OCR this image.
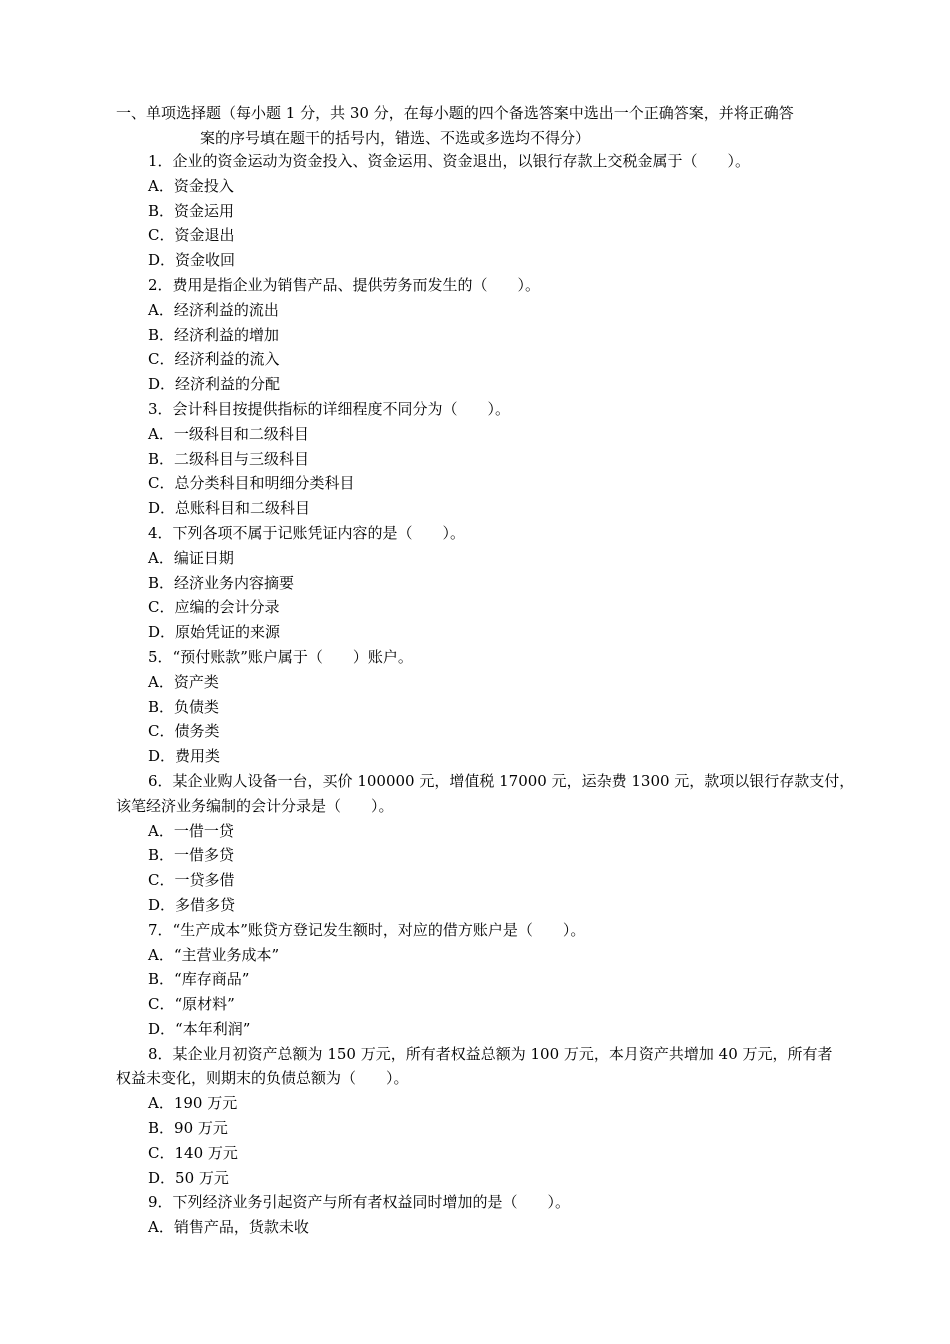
一、单项选择题（每小题 1 分，共 30 分，在每小题的四个备选答案中选出一个正确答案，并将正确答
案的序号填在题干的括号内，错选、不选或多选均不得分）

1．企业的资金运动为资金投入、资金运用、资金退出，以银行存款上交税金属于（　　）。
A．资金投入
B．资金运用
C．资金退出
D．资金收回
2．费用是指企业为销售产品、提供劳务而发生的（　　）。
A．经济利益的流出
B．经济利益的增加
C．经济利益的流入
D．经济利益的分配
3．会计科目按提供指标的详细程度不同分为（　　）。
A．一级科目和二级科目
B．二级科目与三级科目
C．总分类科目和明细分类科目
D．总账科目和二级科目
4．下列各项不属于记账凭证内容的是（　　）。
A．编证日期
B．经济业务内容摘要
C．应编的会计分录
D．原始凭证的来源
5．“预付账款”账户属于（　　）账户。
A．资产类
B．负债类
C．债务类
D．费用类
6．某企业购人设备一台，买价 100000 元，增值税 17000 元，运杂费 1300 元，款项以银行存款支付，
该笔经济业务编制的会计分录是（　　）。
A．一借一贷
B．一借多贷
C．一贷多借
D．多借多贷
7．“生产成本”账贷方登记发生额时，对应的借方账户是（　　）。
A．“主营业务成本”
B．“库存商品”
C．“原材料”
D．“本年利润”
8．某企业月初资产总额为 150 万元，所有者权益总额为 100 万元，本月资产共增加 40 万元，所有者
权益未变化，则期末的负债总额为（　　）。
A．190 万元
B．90 万元
C．140 万元
D．50 万元
9．下列经济业务引起资产与所有者权益同时增加的是（　　）。
A．销售产品，货款未收
